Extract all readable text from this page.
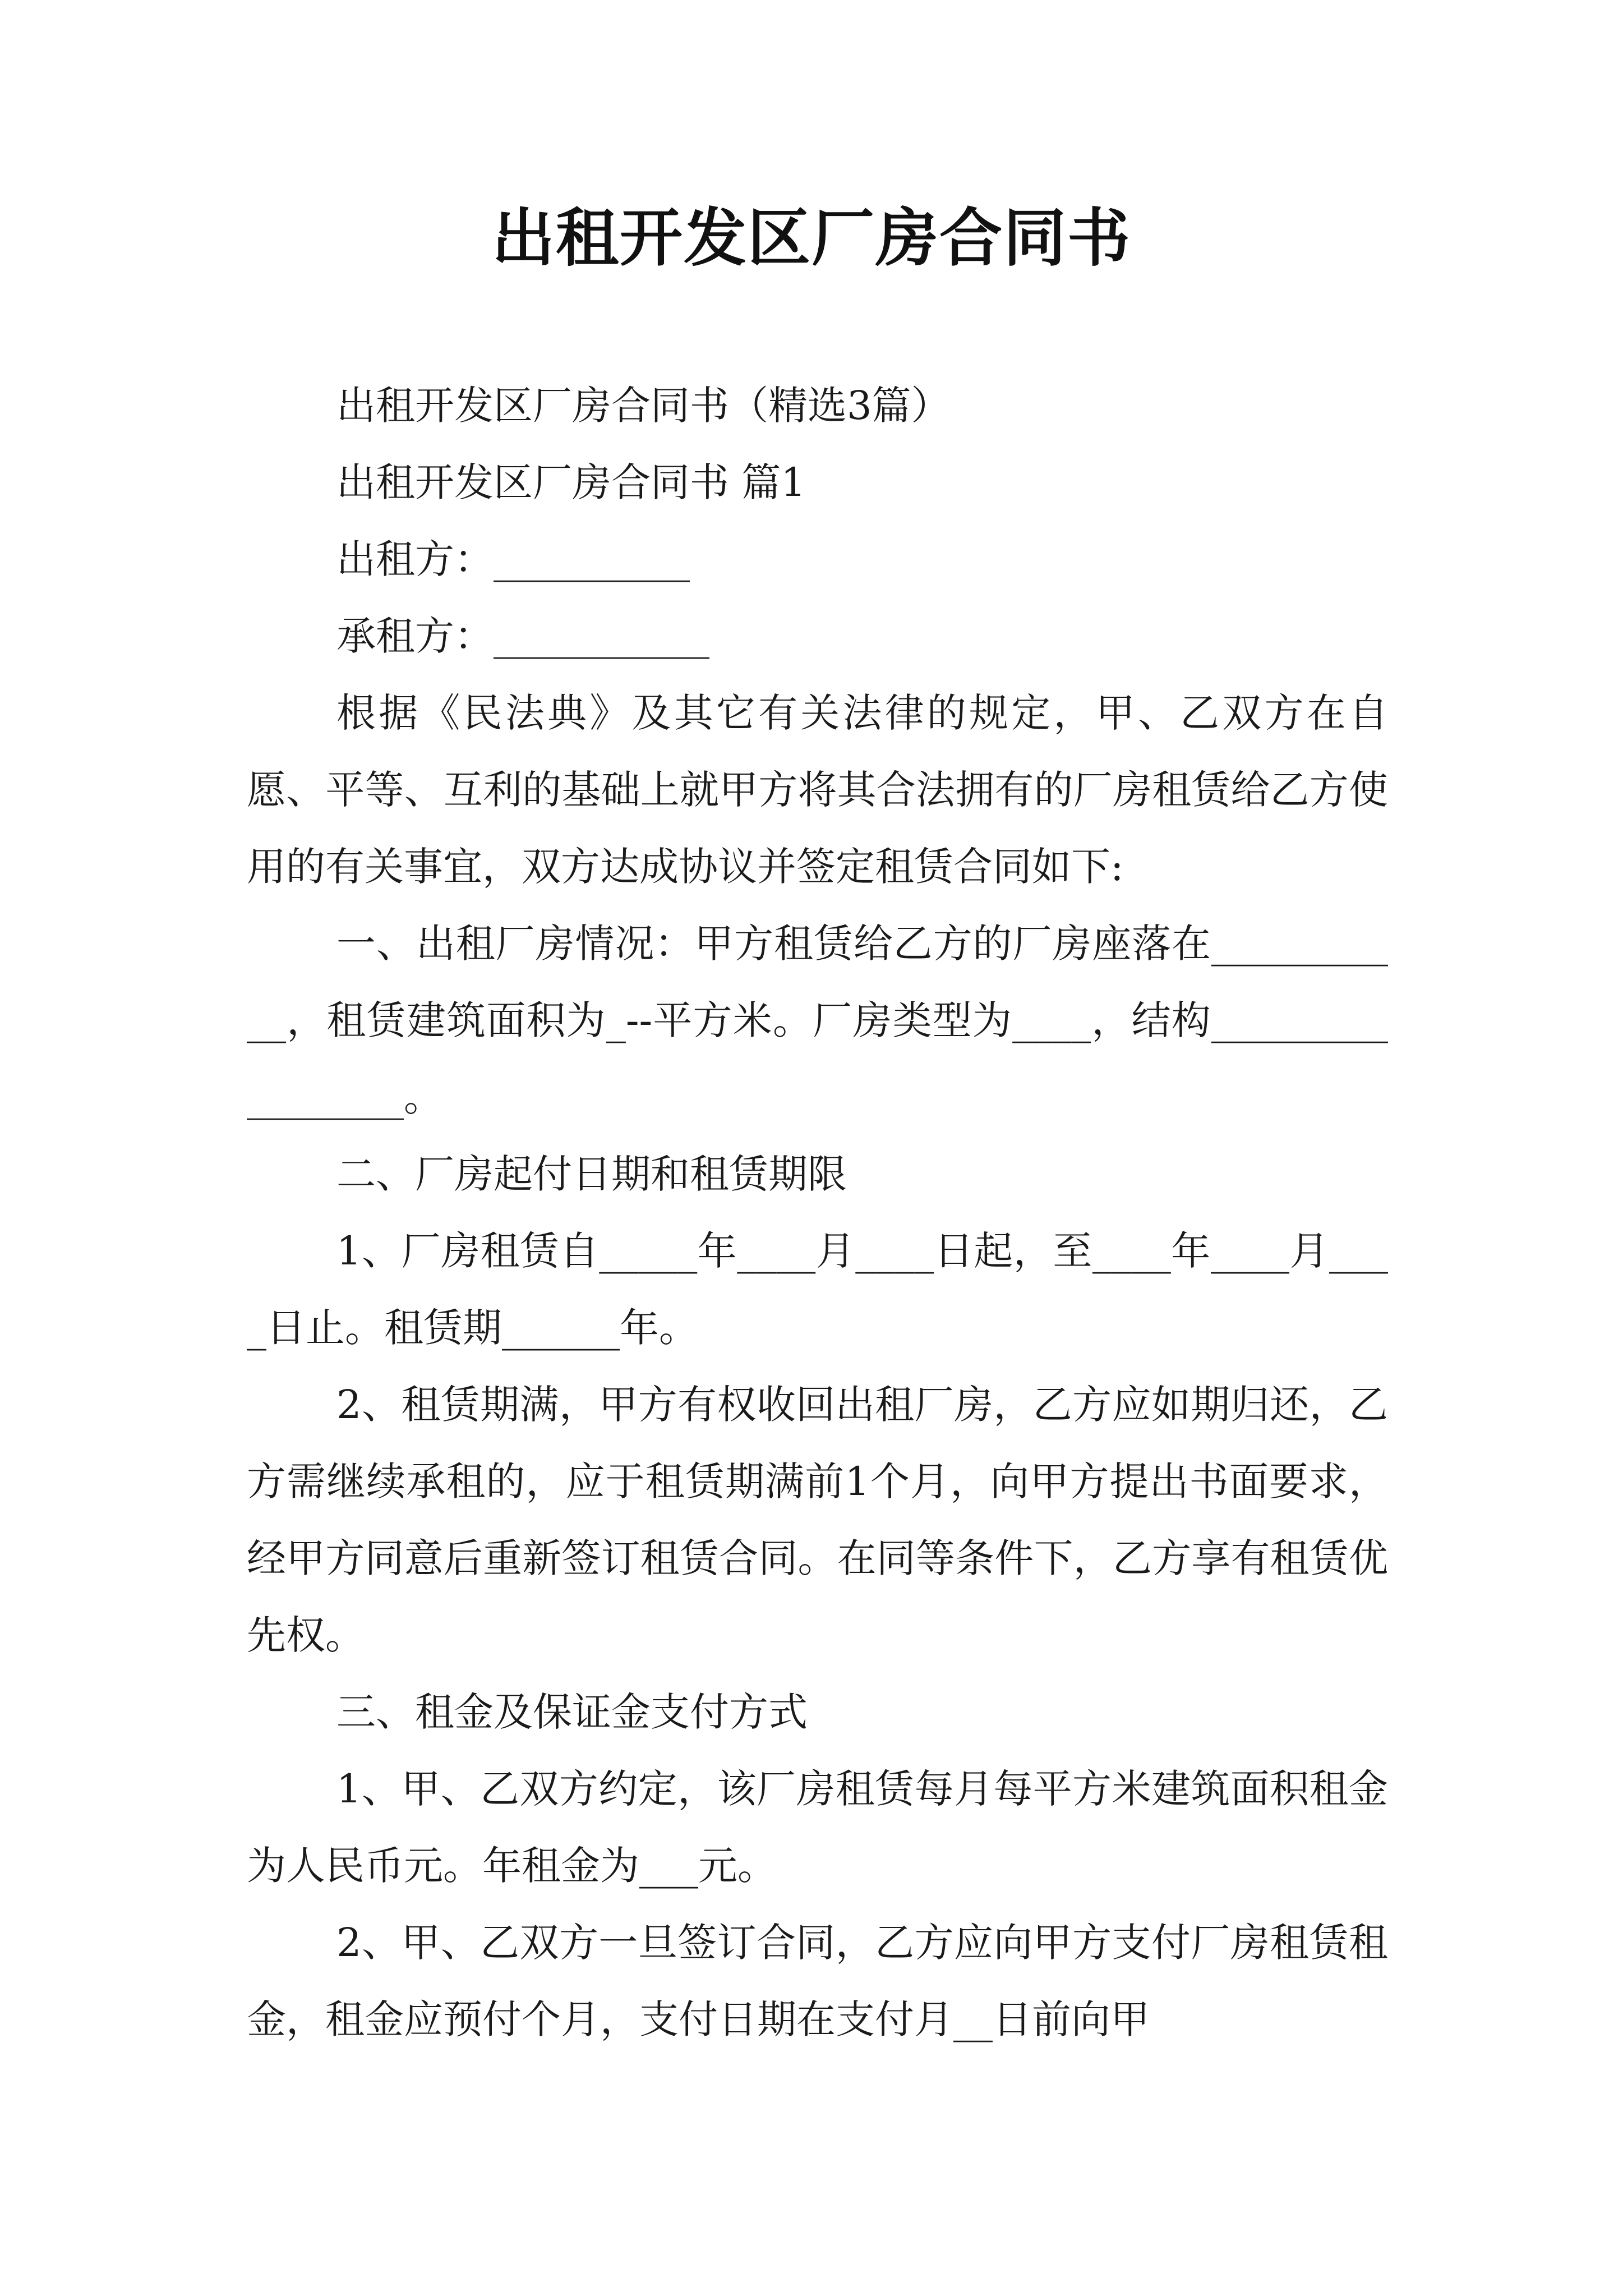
出租开发区厂房合同书

出租开发区厂房合同书（精选3篇）

出租开发区厂房合同书 篇1

出租方：__________

承租方：___________

根据《民法典》及其它有关法律的规定，甲、乙双方在自愿、平等、互利的基础上就甲方将其合法拥有的厂房租赁给乙方使用的有关事宜，双方达成协议并签定租赁合同如下:

一、出租厂房情况：甲方租赁给乙方的厂房座落在___________，租赁建筑面积为_--平方米。厂房类型为____，结构_________________。

二、厂房起付日期和租赁期限

1、厂房租赁自_____年____月____日起，至____年____月____日止。租赁期______年。

2、租赁期满，甲方有权收回出租厂房，乙方应如期归还，乙方需继续承租的，应于租赁期满前1个月，向甲方提出书面要求，经甲方同意后重新签订租赁合同。在同等条件下，乙方享有租赁优先权。

三、租金及保证金支付方式

1、甲、乙双方约定，该厂房租赁每月每平方米建筑面积租金为人民币元。年租金为___元。

2、甲、乙双方一旦签订合同，乙方应向甲方支付厂房租赁租金，租金应预付个月，支付日期在支付月__日前向甲
